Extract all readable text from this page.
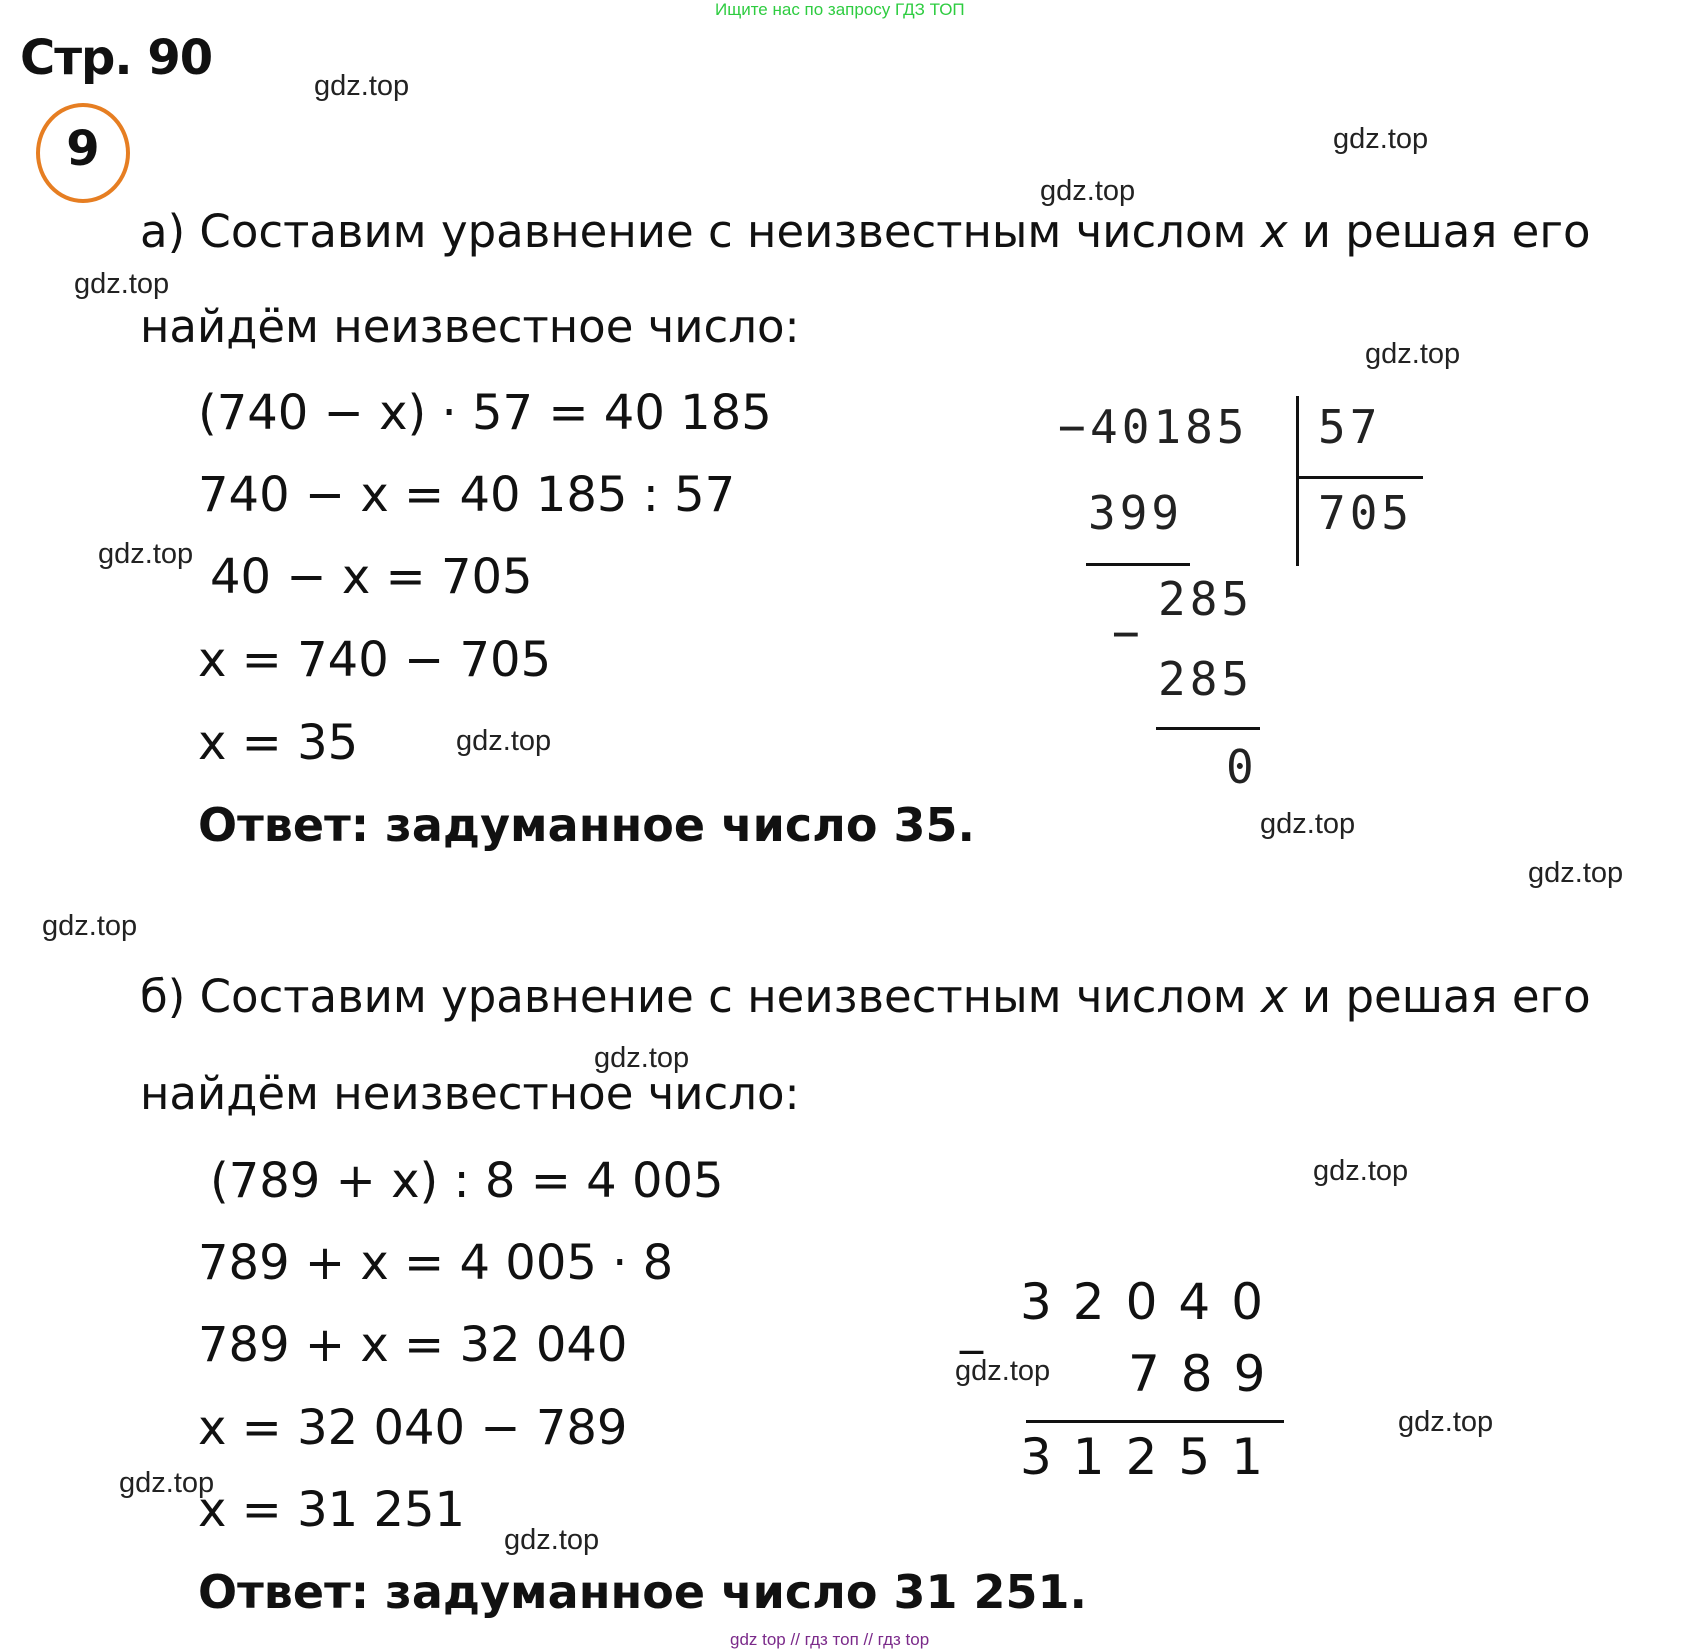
Ищите нас по запросу ГДЗ ТОП
Стр. 90
9
gdz.top
gdz.top
gdz.top
gdz.top
gdz.top
gdz.top
gdz.top
gdz.top
gdz.top
gdz.top
gdz.top
gdz.top
gdz.top
gdz.top
gdz.top
gdz.top
а) Составим уравнение с неизвестным числом x и решая его
найдём неизвестное число:
(740 − x) · 57 = 40 185
740 − x = 40 185 : 57
40 − x = 705
x = 740 − 705
x = 35
Ответ: задуманное число 35.
− 40185 57
705
399
285
−
285
0
б) Составим уравнение с неизвестным числом x и решая его
найдём неизвестное число:
(789 + x) : 8 = 4 005
789 + x = 4 005 · 8
789 + x = 32 040
x = 32 040 − 789
x = 31 251
Ответ: задуманное число 31 251.
_ 32040
789
31251
gdz top // гдз топ // гдз top
